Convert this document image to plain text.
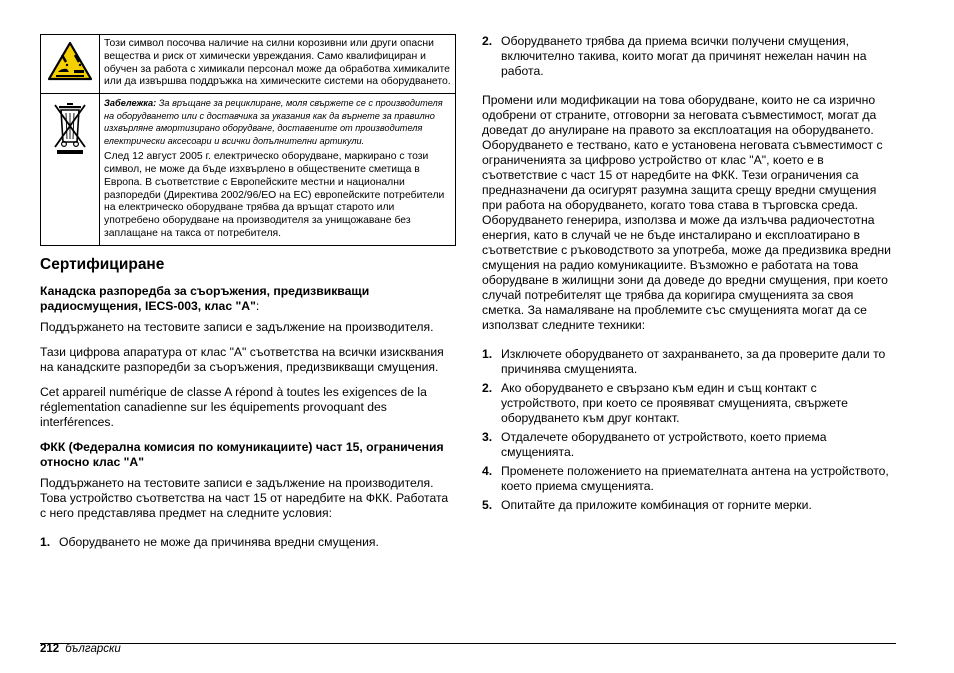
	Този символ посочва наличие на силни корозивни или други опасни вещества и риск от химически увреждания. Само квалифициран и обучен за работа с химикали персонал може да обработва химикалите или да извършва поддръжка на химическите системи на оборудването.

Забележка: За връщане за рециклиране, моля свържете се с производителя на оборудването или с доставчика за указания как да върнете за правилно изхвърляне амортизирано оборудване, доставените от производителя електрически аксесоари и всички допълнителни артикули.
След 12 август 2005 г. електрическо оборудване, маркирано с този символ, не може да бъде изхвърлено в обществените сметища в Европа. В съответствие с Европейските местни и национални разпоредби (Директива 2002/96/EO на ЕС) европейските потребители на електрическо оборудване трябва да връщат старото или употребено оборудване на производителя за унищожаване без заплащане на такса от потребителя.
Сертифициране
Канадска разпоредба за съоръжения, предизвикващи радиосмущения, IECS-003, клас "А":

Поддържането на тестовите записи е задължение на производителя.

Тази цифрова апаратура от клас "A" съответства на всички изисквания на канадските разпоредби за съоръжения, предизвикващи смущения.

Cet appareil numérique de classe A répond à toutes les exigences de la réglementation canadienne sur les équipements provoquant des interférences.

ФКК (Федерална комисия по комуникациите) част 15, ограничения относно клас "A"

Поддържането на тестовите записи е задължение на производителя. Това устройство съответства на част 15 от наредбите на ФКК. Работата с него представлява предмет на следните условия:

1. Оборудването не може да причинява вредни смущения.
2. Оборудването трябва да приема всички получени смущения, включително такива, които могат да причинят нежелан начин на работа.

Промени или модификации на това оборудване, които не са изрично одобрени от страните, отговорни за неговата съвместимост, могат да доведат до анулиране на правото за експлоатация на оборудването. Оборудването е тествано, като е установена неговата съвместимост с ограниченията за цифрово устройство от клас "A", което е в съответствие с част 15 от наредбите на ФКК. Тези ограничения са предназначени да осигурят разумна защита срещу вредни смущения при работа на оборудването, когато това става в търговска среда. Оборудването генерира, използва и може да излъчва радиочестотна енергия, като в случай че не бъде инсталирано и експлоатирано в съответствие с ръководството за употреба, може да предизвика вредни смущения на радио комуникациите. Възможно е работата на това оборудване в жилищни зони да доведе до вредни смущения, при което случай потребителят ще трябва да коригира смущенията за своя сметка. За намаляване на проблемите със смущенията могат да се използват следните техники:

1. Изключете оборудването от захранването, за да проверите дали то причинява смущенията.
2. Ако оборудването е свързано към един и същ контакт с устройството, при което се проявяват смущенията, свържете оборудването към друг контакт.
3. Отдалечете оборудването от устройството, което приема смущенията.
4. Променете положението на приемателната антена на устройството, което приема смущенията.
5. Опитайте да приложите комбинация от горните мерки.
212 български
